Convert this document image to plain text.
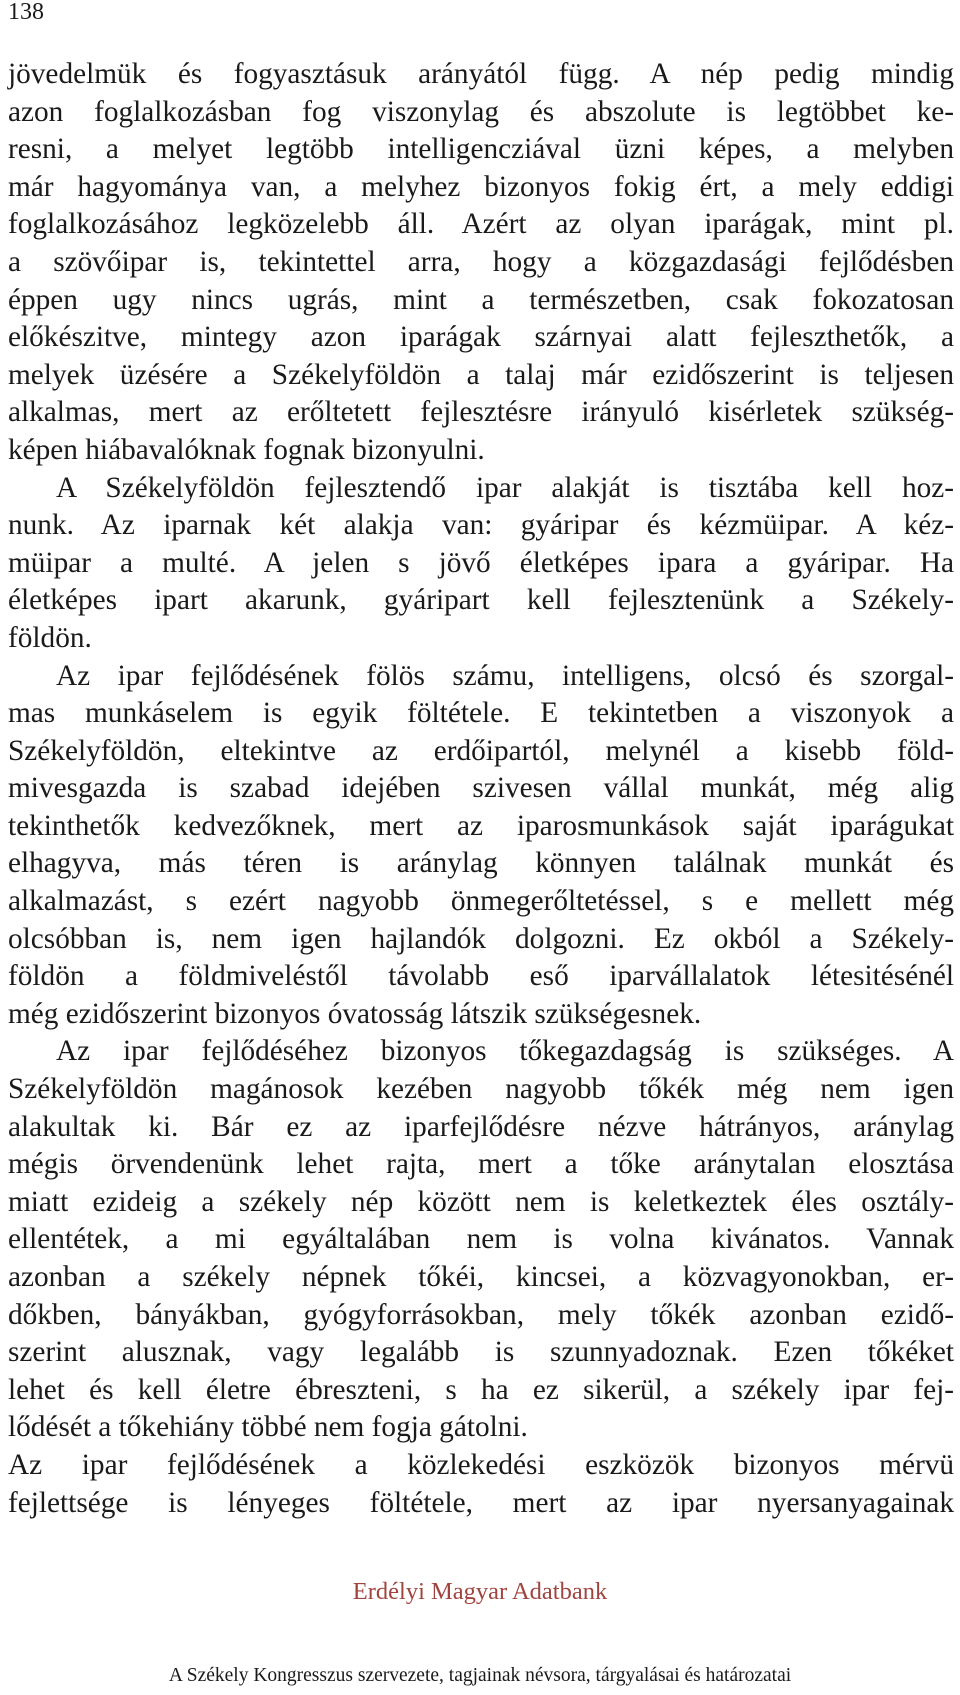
138
jövedelmük és fogyasztásuk arányától függ. A nép pedig mindig
azon foglalkozásban fog viszonylag és abszolute is legtöbbet ke-
resni, a melyet legtöbb intelligencziával üzni képes, a melyben
már hagyománya van, a melyhez bizonyos fokig ért, a mely eddigi
foglalkozásához legközelebb áll. Azért az olyan iparágak, mint pl.
a szövőipar is, tekintettel arra, hogy a közgazdasági fejlődésben
éppen ugy nincs ugrás, mint a természetben, csak fokozatosan
előkészitve, mintegy azon iparágak szárnyai alatt fejleszthetők, a
melyek üzésére a Székelyföldön a talaj már ezidőszerint is teljesen
alkalmas, mert az erőltetett fejlesztésre irányuló kisérletek szükség-
képen hiábavalóknak fognak bizonyulni.
A Székelyföldön fejlesztendő ipar alakját is tisztába kell hoz-
nunk. Az iparnak két alakja van: gyáripar és kézmüipar. A kéz-
müipar a multé. A jelen s jövő életképes ipara a gyáripar. Ha
életképes ipart akarunk, gyáripart kell fejlesztenünk a Székely-
földön.
Az ipar fejlődésének fölös számu, intelligens, olcsó és szorgal-
mas munkáselem is egyik föltétele. E tekintetben a viszonyok a
Székelyföldön, eltekintve az erdőipartól, melynél a kisebb föld-
mivesgazda is szabad idejében szivesen vállal munkát, még alig
tekinthetők kedvezőknek, mert az iparosmunkások saját iparágukat
elhagyva, más téren is aránylag könnyen találnak munkát és
alkalmazást, s ezért nagyobb önmegerőltetéssel, s e mellett még
olcsóbban is, nem igen hajlandók dolgozni. Ez okból a Székely-
földön a földmiveléstől távolabb eső iparvállalatok létesitésénél
még ezidőszerint bizonyos óvatosság látszik szükségesnek.
Az ipar fejlődéséhez bizonyos tőkegazdagság is szükséges. A
Székelyföldön magánosok kezében nagyobb tőkék még nem igen
alakultak ki. Bár ez az iparfejlődésre nézve hátrányos, aránylag
mégis örvendenünk lehet rajta, mert a tőke aránytalan elosztása
miatt ezideig a székely nép között nem is keletkeztek éles osztály-
ellentétek, a mi egyáltalában nem is volna kivánatos. Vannak
azonban a székely népnek tőkéi, kincsei, a közvagyonokban, er-
dőkben, bányákban, gyógyforrásokban, mely tőkék azonban ezidő-
szerint alusznak, vagy legalább is szunnyadoznak. Ezen tőkéket
lehet és kell életre ébreszteni, s ha ez sikerül, a székely ipar fej-
lődését a tőkehiány többé nem fogja gátolni.
Az ipar fejlődésének a közlekedési eszközök bizonyos mérvü
fejlettsége is lényeges föltétele, mert az ipar nyersanyagainak
Erdélyi Magyar Adatbank
A Székely Kongresszus szervezete, tagjainak névsora, tárgyalásai és határozatai
